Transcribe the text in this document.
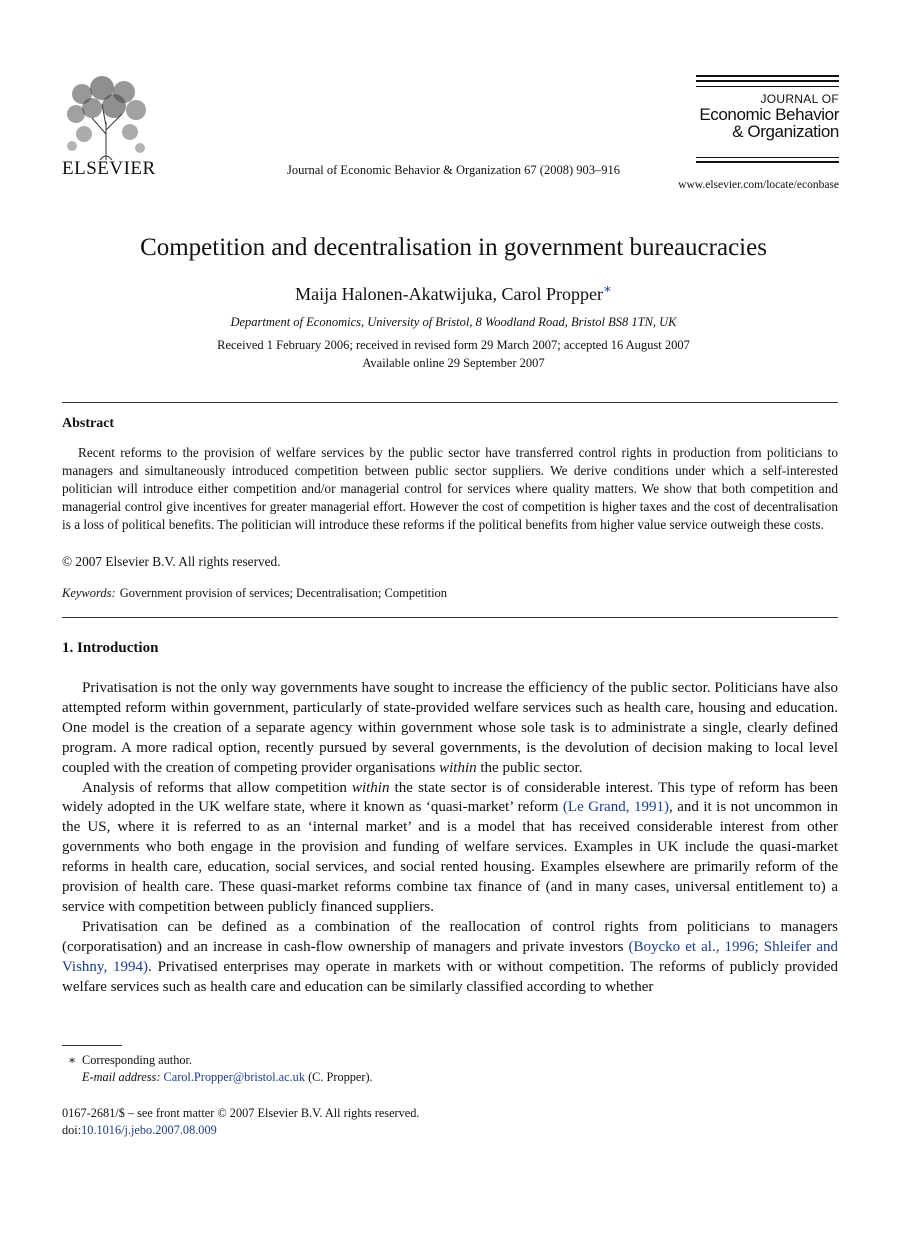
ELSEVIER	Journal of Economic Behavior & Organization 67 (2008) 903–916
JOURNAL OF
Economic Behavior
& Organization
www.elsevier.com/locate/econbase
Competition and decentralisation in government bureaucracies
Maija Halonen-Akatwijuka, Carol Propper∗
Department of Economics, University of Bristol, 8 Woodland Road, Bristol BS8 1TN, UK
Received 1 February 2006; received in revised form 29 March 2007; accepted 16 August 2007
Available online 29 September 2007
Abstract

Recent reforms to the provision of welfare services by the public sector have transferred control rights in production from politicians to managers and simultaneously introduced competition between public sector suppliers. We derive conditions under which a self-interested politician will introduce either competition and/or managerial control for services where quality matters. We show that both competition and managerial control give incentives for greater managerial effort. However the cost of competition is higher taxes and the cost of decentralisation is a loss of political benefits. The politician will introduce these reforms if the political benefits from higher value service outweigh these costs.

© 2007 Elsevier B.V. All rights reserved.
Keywords: Government provision of services; Decentralisation; Competition
1. Introduction

Privatisation is not the only way governments have sought to increase the efficiency of the public sector. Politicians have also attempted reform within government, particularly of state-provided welfare services such as health care, housing and education. One model is the creation of a separate agency within government whose sole task is to administrate a single, clearly defined program. A more radical option, recently pursued by several governments, is the devolution of decision making to local level coupled with the creation of competing provider organisations within the public sector.

Analysis of reforms that allow competition within the state sector is of considerable interest. This type of reform has been widely adopted in the UK welfare state, where it known as ‘quasi-market’ reform (Le Grand, 1991), and it is not uncommon in the US, where it is referred to as an ‘internal market’ and is a model that has received considerable interest from other governments who both engage in the provision and funding of welfare services. Examples in UK include the quasi-market reforms in health care, education, social services, and social rented housing. Examples elsewhere are primarily reform of the provision of health care. These quasi-market reforms combine tax finance of (and in many cases, universal entitlement to) a service with competition between publicly financed suppliers.

Privatisation can be defined as a combination of the reallocation of control rights from politicians to managers (corporatisation) and an increase in cash-flow ownership of managers and private investors (Boycko et al., 1996; Shleifer and Vishny, 1994). Privatised enterprises may operate in markets with or without competition. The reforms of publicly provided welfare services such as health care and education can be similarly classified according to whether

∗ Corresponding author.
E-mail address: Carol.Propper@bristol.ac.uk (C. Propper).
0167-2681/$ – see front matter © 2007 Elsevier B.V. All rights reserved.
doi:10.1016/j.jebo.2007.08.009
